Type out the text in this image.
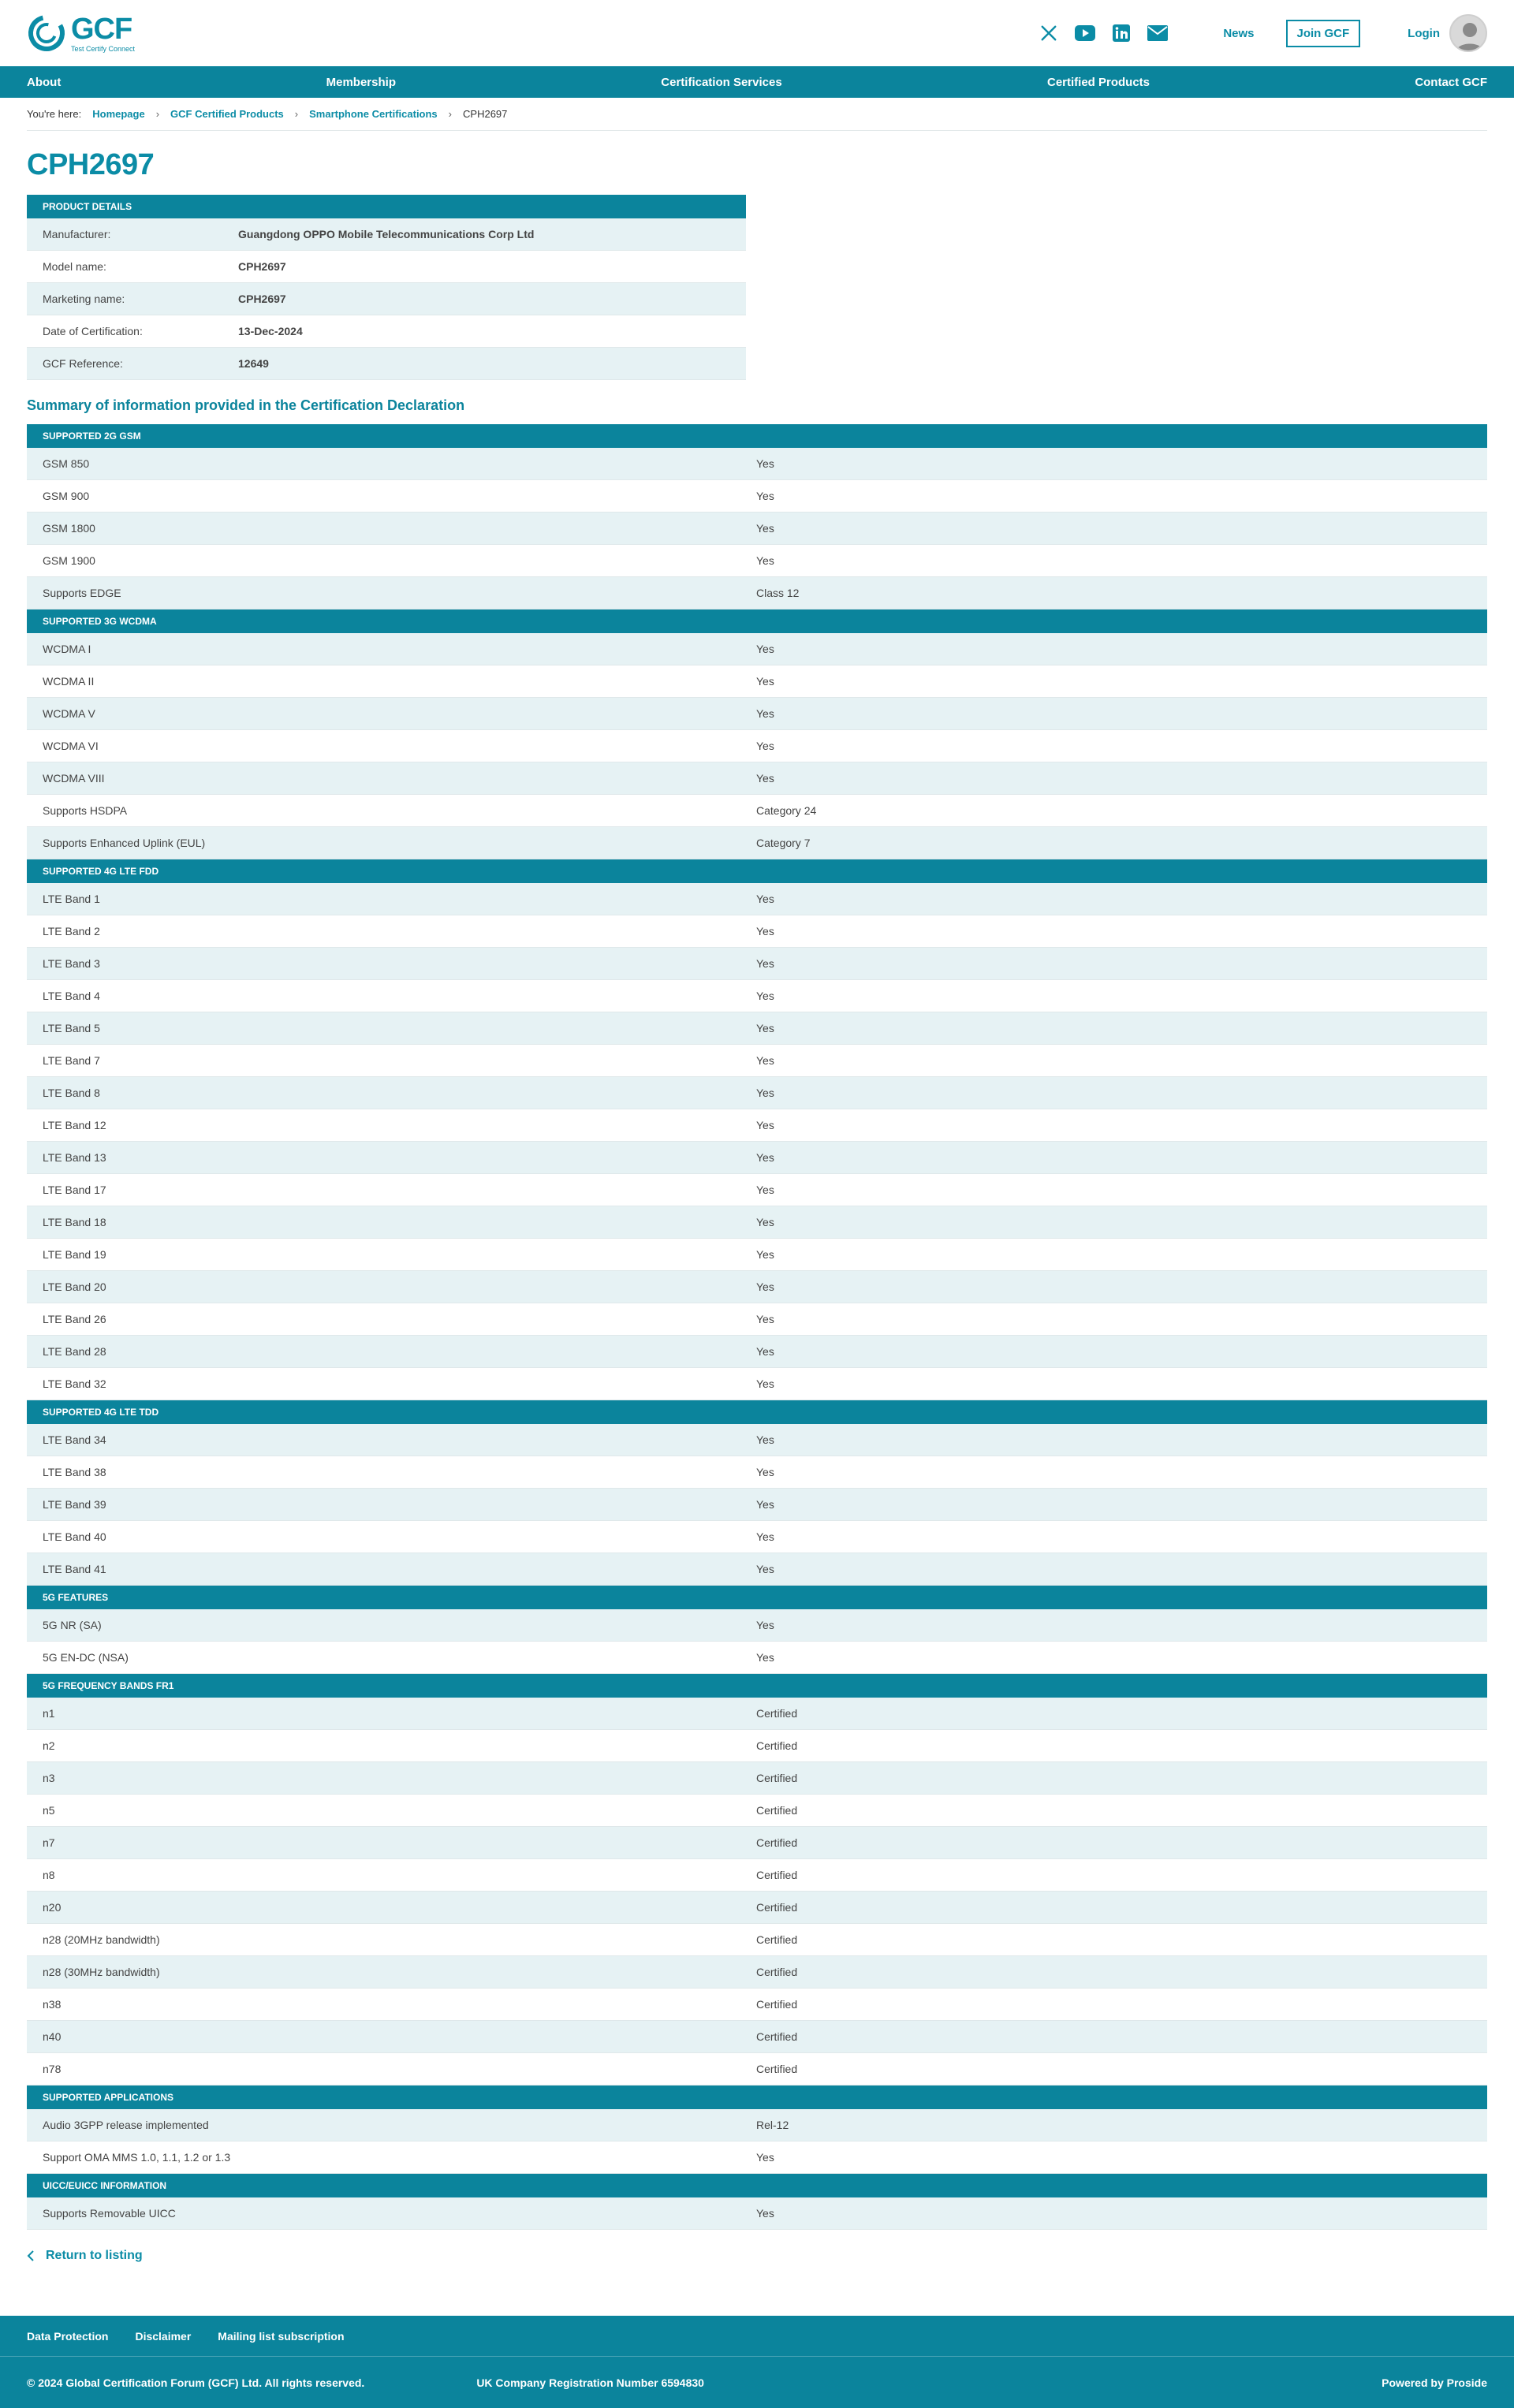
GCF
Test Certify Connect
News	Join GCF	Login
About	Membership	Certification Services	Certified Products	Contact GCF
You're here: Homepage › GCF Certified Products › Smartphone Certifications › CPH2697
CPH2697
PRODUCT DETAILS
Manufacturer:	Guangdong OPPO Mobile Telecommunications Corp Ltd
Model name:	CPH2697
Marketing name:	CPH2697
Date of Certification:	13-Dec-2024
GCF Reference:	12649
Summary of information provided in the Certification Declaration
SUPPORTED 2G GSM
GSM 850	Yes
GSM 900	Yes
GSM 1800	Yes
GSM 1900	Yes
Supports EDGE	Class 12
SUPPORTED 3G WCDMA
WCDMA I	Yes
WCDMA II	Yes
WCDMA V	Yes
WCDMA VI	Yes
WCDMA VIII	Yes
Supports HSDPA	Category 24
Supports Enhanced Uplink (EUL)	Category 7
SUPPORTED 4G LTE FDD
LTE Band 1	Yes
LTE Band 2	Yes
LTE Band 3	Yes
LTE Band 4	Yes
LTE Band 5	Yes
LTE Band 7	Yes
LTE Band 8	Yes
LTE Band 12	Yes
LTE Band 13	Yes
LTE Band 17	Yes
LTE Band 18	Yes
LTE Band 19	Yes
LTE Band 20	Yes
LTE Band 26	Yes
LTE Band 28	Yes
LTE Band 32	Yes
SUPPORTED 4G LTE TDD
LTE Band 34	Yes
LTE Band 38	Yes
LTE Band 39	Yes
LTE Band 40	Yes
LTE Band 41	Yes
5G FEATURES
5G NR (SA)	Yes
5G EN-DC (NSA)	Yes
5G FREQUENCY BANDS FR1
n1	Certified
n2	Certified
n3	Certified
n5	Certified
n7	Certified
n8	Certified
n20	Certified
n28 (20MHz bandwidth)	Certified
n28 (30MHz bandwidth)	Certified
n38	Certified
n40	Certified
n78	Certified
SUPPORTED APPLICATIONS
Audio 3GPP release implemented	Rel-12
Support OMA MMS 1.0, 1.1, 1.2 or 1.3	Yes
UICC/EUICC INFORMATION
Supports Removable UICC	Yes
Return to listing
Data Protection Disclaimer Mailing list subscription
© 2024 Global Certification Forum (GCF) Ltd. All rights reserved.	UK Company Registration Number 6594830	Powered by Proside
